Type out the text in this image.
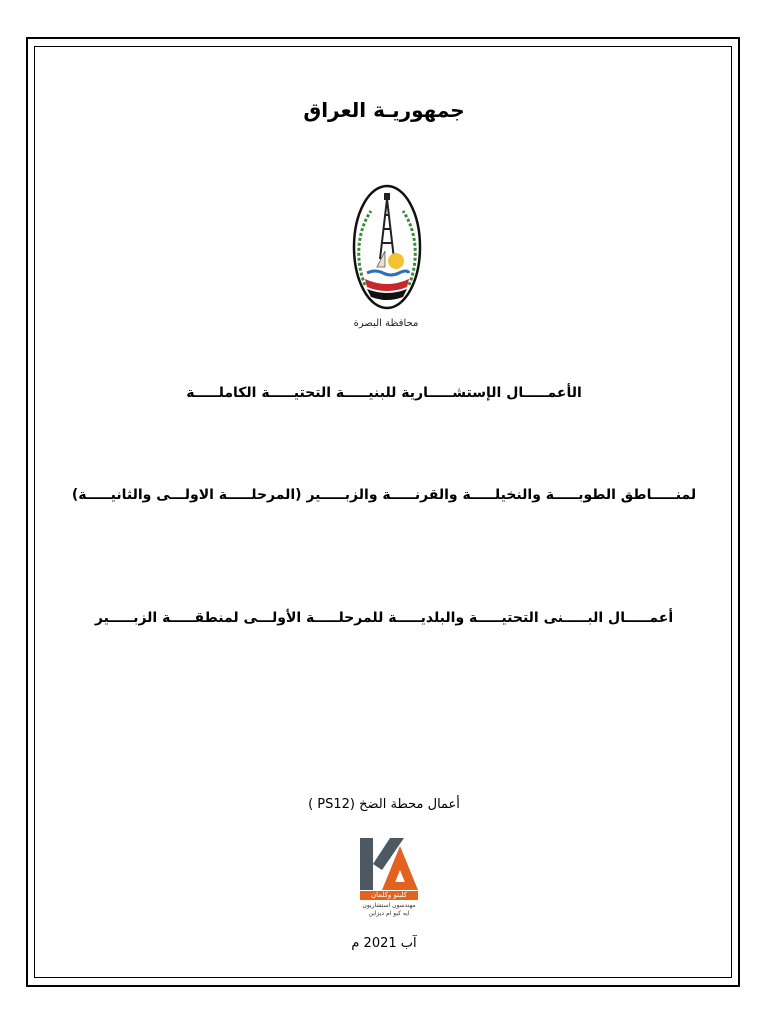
جمهوريـة العراق
محافظة البصرة
الأعمـــــال الإستشـــــارية للبنيـــــة التحتيـــــة الكاملـــــة
لمنـــــاطق الطوبـــــة والنخيلـــــة والقرنـــــة والزبـــــير (المرحلـــــة الاولـــى والثانيـــــة)
أعمـــــال البـــــنى التحتيـــــة والبلديـــــة للمرحلـــــة الأولـــى لمنطقـــــة الزبـــــير
أعمال محطة الضخ (PS12 )
كليتو وكلمان
مهندسون استشاريون
ايه كيو ام ديزاين
آب 2021 م
